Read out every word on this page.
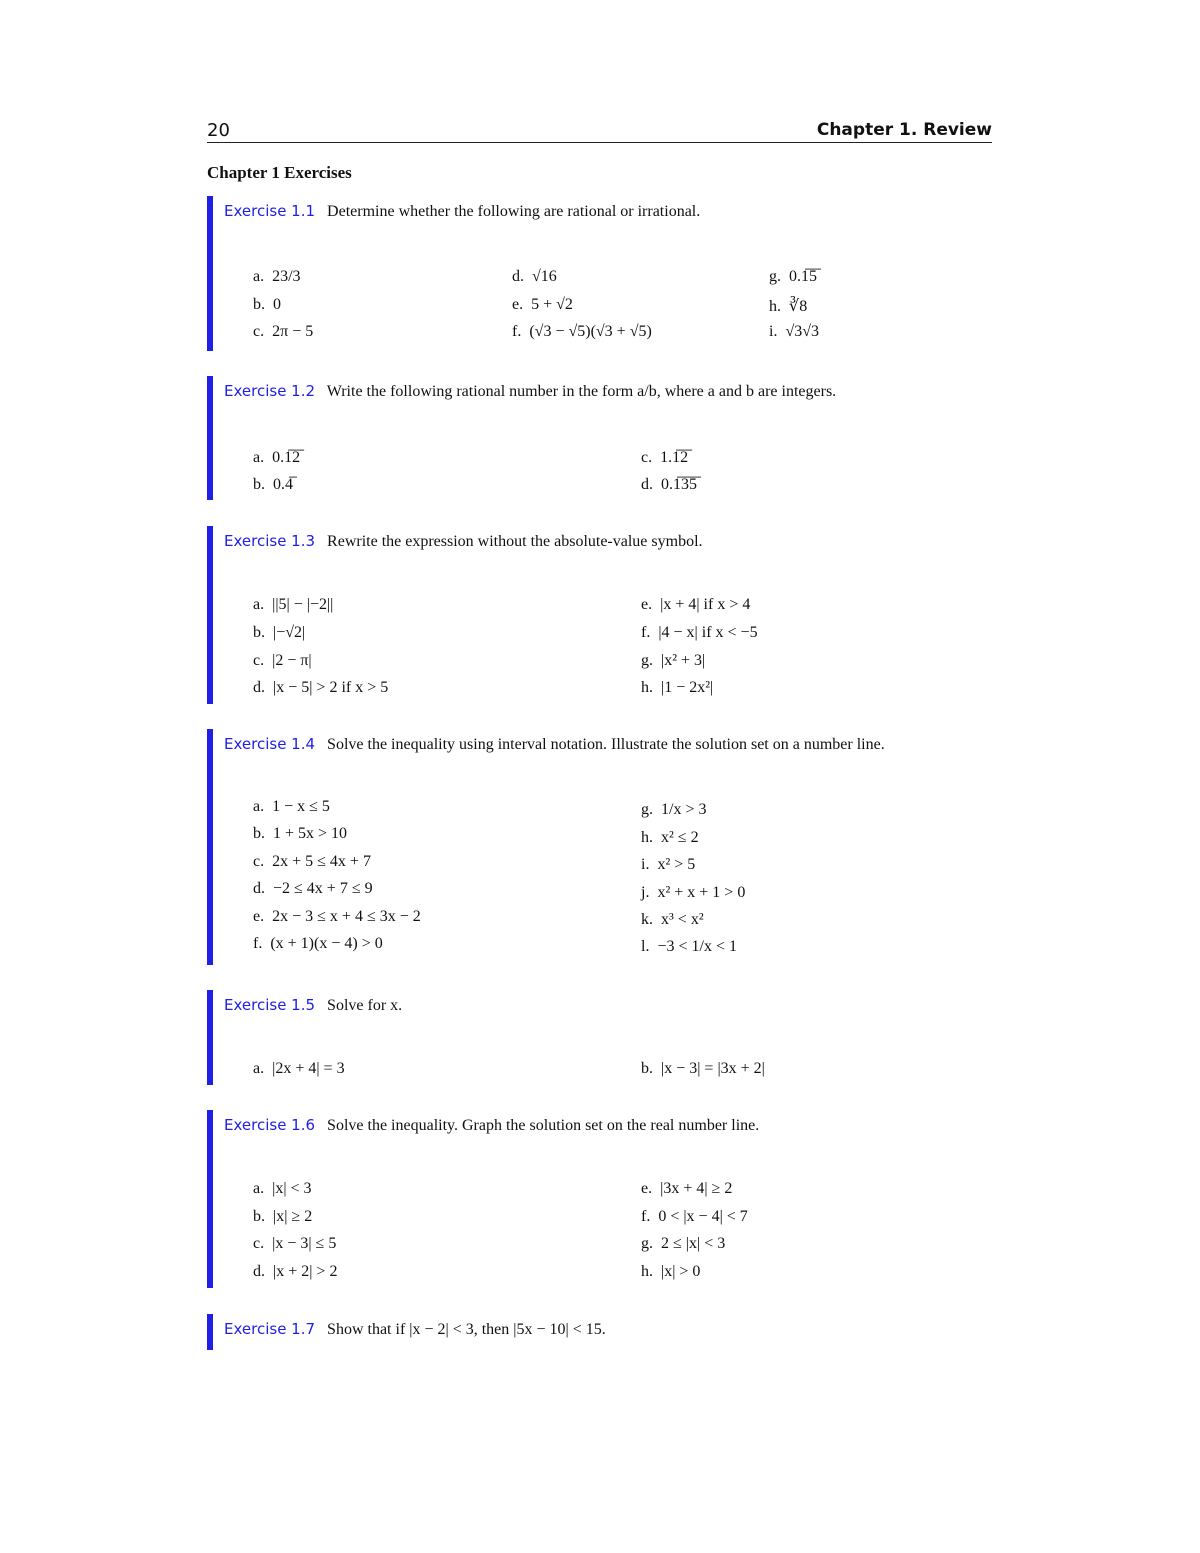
20	Chapter 1. Review
Chapter 1 Exercises
Exercise 1.1 Determine whether the following are rational or irrational.
a. 23/3
b. 0
c. 2π − 5
d. √16
e. 5 + √2
f. (√3 − √5)(√3 + √5)
g. 0.1̅5̅
h. ∛8
i. √3√3
Exercise 1.2 Write the following rational number in the form a/b, where a and b are integers.
a. 0.1̅2̅
b. 0.4̅
c. 1.1̅2̅
d. 0.1̅3̅5̅
Exercise 1.3 Rewrite the expression without the absolute-value symbol.
a. ||5| − |−2||
b. |−√2|
c. |2 − π|
d. |x − 5| > 2 if x > 5
e. |x + 4| if x > 4
f. |4 − x| if x < −5
g. |x² + 3|
h. |1 − 2x²|
Exercise 1.4 Solve the inequality using interval notation. Illustrate the solution set on a number line.
a. 1 − x ≤ 5
b. 1 + 5x > 10
c. 2x + 5 ≤ 4x + 7
d. −2 ≤ 4x + 7 ≤ 9
e. 2x − 3 ≤ x + 4 ≤ 3x − 2
f. (x + 1)(x − 4) > 0
g. 1/x > 3
h. x² ≤ 2
i. x² > 5
j. x² + x + 1 > 0
k. x³ < x²
l. −3 < 1/x < 1
Exercise 1.5 Solve for x.
a. |2x + 4| = 3	b. |x − 3| = |3x + 2|
Exercise 1.6 Solve the inequality. Graph the solution set on the real number line.
a. |x| < 3
b. |x| ≥ 2
c. |x − 3| ≤ 5
d. |x + 2| > 2
e. |3x + 4| ≥ 2
f. 0 < |x − 4| < 7
g. 2 ≤ |x| < 3
h. |x| > 0
Exercise 1.7 Show that if |x − 2| < 3, then |5x − 10| < 15.
